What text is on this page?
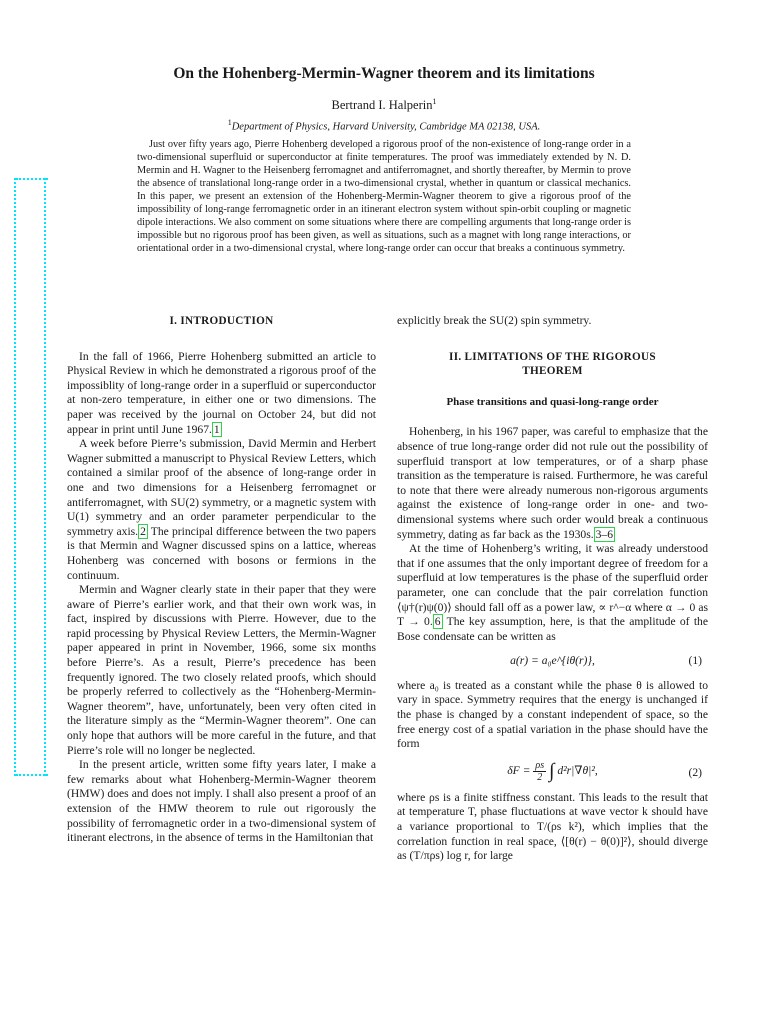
On the Hohenberg-Mermin-Wagner theorem and its limitations
Bertrand I. Halperin$^1$
$^1$Department of Physics, Harvard University, Cambridge MA 02138, USA.
Just over fifty years ago, Pierre Hohenberg developed a rigorous proof of the non-existence of long-range order in a two-dimensional superfluid or superconductor at finite temperatures. The proof was immediately extended by N. D. Mermin and H. Wagner to the Heisenberg ferromagnet and antiferromagnet, and shortly thereafter, by Mermin to prove the absence of translational long-range order in a two-dimensional crystal, whether in quantum or classical mechanics. In this paper, we present an extension of the Hohenberg-Mermin-Wagner theorem to give a rigorous proof of the impossibility of long-range ferromagnetic order in an itinerant electron system without spin-orbit coupling or magnetic dipole interactions. We also comment on some situations where there are compelling arguments that long-range order is impossible but no rigorous proof has been given, as well as situations, such as a magnet with long range interactions, or orientational order in a two-dimensional crystal, where long-range order can occur that breaks a continuous symmetry.
I. INTRODUCTION

In the fall of 1966, Pierre Hohenberg submitted an article to Physical Review in which he demonstrated a rigorous proof of the impossiblity of long-range order in a superfluid or superconductor at non-zero temperature, in either one or two dimensions. The paper was received by the journal on October 24, but did not appear in print until June 1967. 1

A week before Pierre’s submission, David Mermin and Herbert Wagner submitted a manuscript to Physical Review Letters, which contained a similar proof of the absence of long-range order in one and two dimensions for a Heisenberg ferromagnet or antiferromagnet, with SU(2) symmetry, or a magnetic system with U(1) symmetry and an order parameter perpendicular to the symmetry axis. 2 The principal difference between the two papers is that Mermin and Wagner discussed spins on a lattice, whereas Hohenberg was concerned with bosons or fermions in the continuum.

Mermin and Wagner clearly state in their paper that they were aware of Pierre’s earlier work, and that their own work was, in fact, inspired by discussions with Pierre. However, due to the rapid processing by Physical Review Letters, the Mermin-Wagner paper appeared in print in November, 1966, some six months before Pierre’s. As a result, Pierre’s precedence has been frequently ignored. The two closely related proofs, which should be properly referred to collectively as the “Hohenberg-Mermin-Wagner theorem”, have, unfortunately, been very often cited in the literature simply as the “Mermin-Wagner theorem”. One can only hope that authors will be more careful in the future, and that Pierre’s role will no longer be neglected.

In the present article, written some fifty years later, I make a few remarks about what Hohenberg-Mermin-Wagner theorem (HMW) does and does not imply. I shall also present a proof of an extension of the HMW theorem to rule out rigorously the possibility of ferromagnetic order in a two-dimensional system of itinerant electrons, in the absence of terms in the Hamiltonian that

explicitly break the SU(2) spin symmetry.

II. LIMITATIONS OF THE RIGOROUS THEOREM
Phase transitions and quasi-long-range order

Hohenberg, in his 1967 paper, was careful to emphasize that the absence of true long-range order did not rule out the possibility of superfluid transport at low temperatures, or of a sharp phase transition as the temperature is raised. Furthermore, he was careful to note that there were already numerous non-rigorous arguments against the existence of long-range order in one- and two-dimensional systems where such order would break a continuous symmetry, dating as far back as the 1930s. 3–6

At the time of Hohenberg’s writing, it was already understood that if one assumes that the only important degree of freedom for a superfluid at low temperatures is the phase of the superfluid order parameter, one can conclude that the pair correlation function ⟨ψ†(r)ψ(0)⟩ should fall off as a power law, ∝ r^−α where α → 0 as T → 0. 6 The key assumption, here, is that the amplitude of the Bose condensate can be written as

a(r) = a₀e^{iθ(r)},	(1)

where a₀ is treated as a constant while the phase θ is allowed to vary in space. Symmetry requires that the energy is unchanged if the phase is changed by a constant independent of space, so the free energy cost of a spatial variation in the phase should have the form

$\delta F = \frac{\rho s}{2}$ ∫ d²r|∇θ|²,	(2)

where ρs is a finite stiffness constant. This leads to the result that at temperature T, phase fluctuations at wave vector k should have a variance proportional to T/(ρs k²), which implies that the correlation function in real space, ⟨[θ(r) − θ(0)]²⟩, should diverge as (T/πρs) log r, for large
